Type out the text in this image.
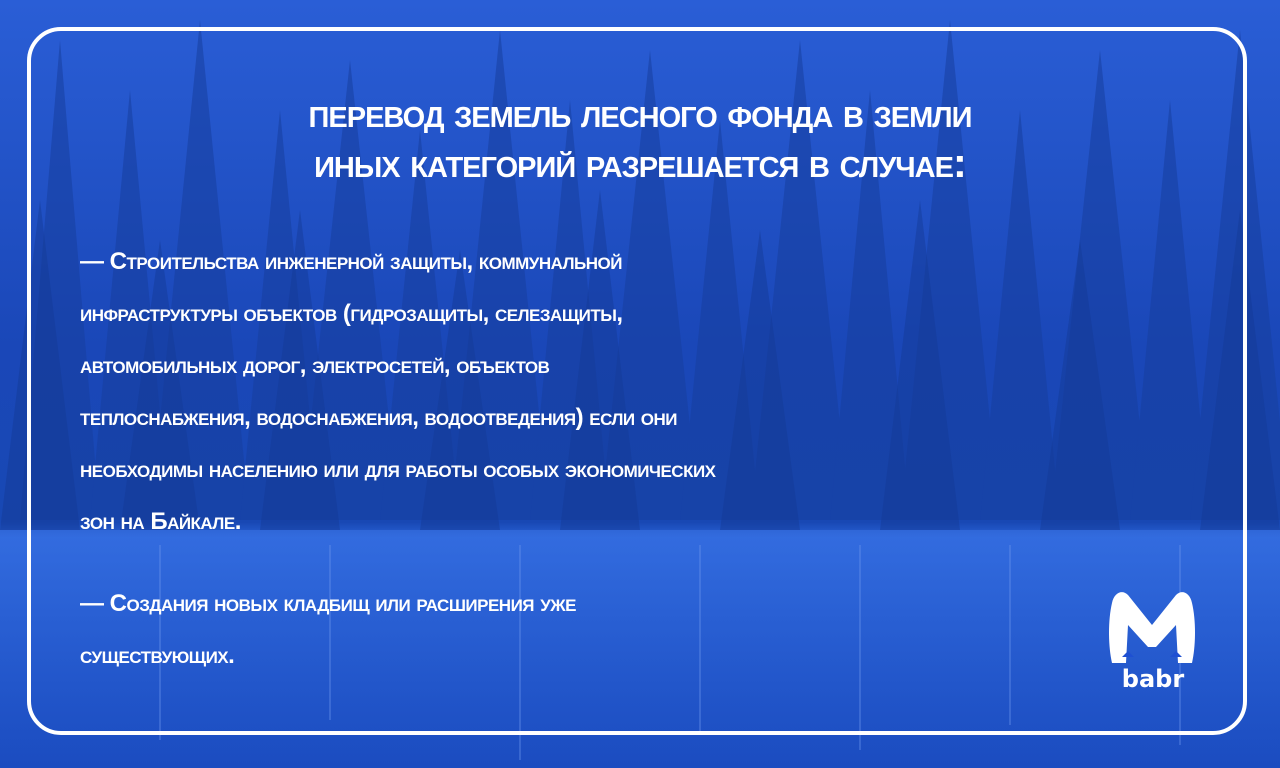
перевод земель лесного фонда в земли
иных категорий разрешается в случае:
— Строительства инженерной защиты, коммунальной
инфраструктуры объектов (гидрозащиты, селезащиты,
автомобильных дорог, электросетей, объектов
теплоснабжения, водоснабжения, водоотведения) если они
необходимы населению или для работы особых экономических
зон на Байкале.
— Создания новых кладбищ или расширения уже
существующих.
babr
